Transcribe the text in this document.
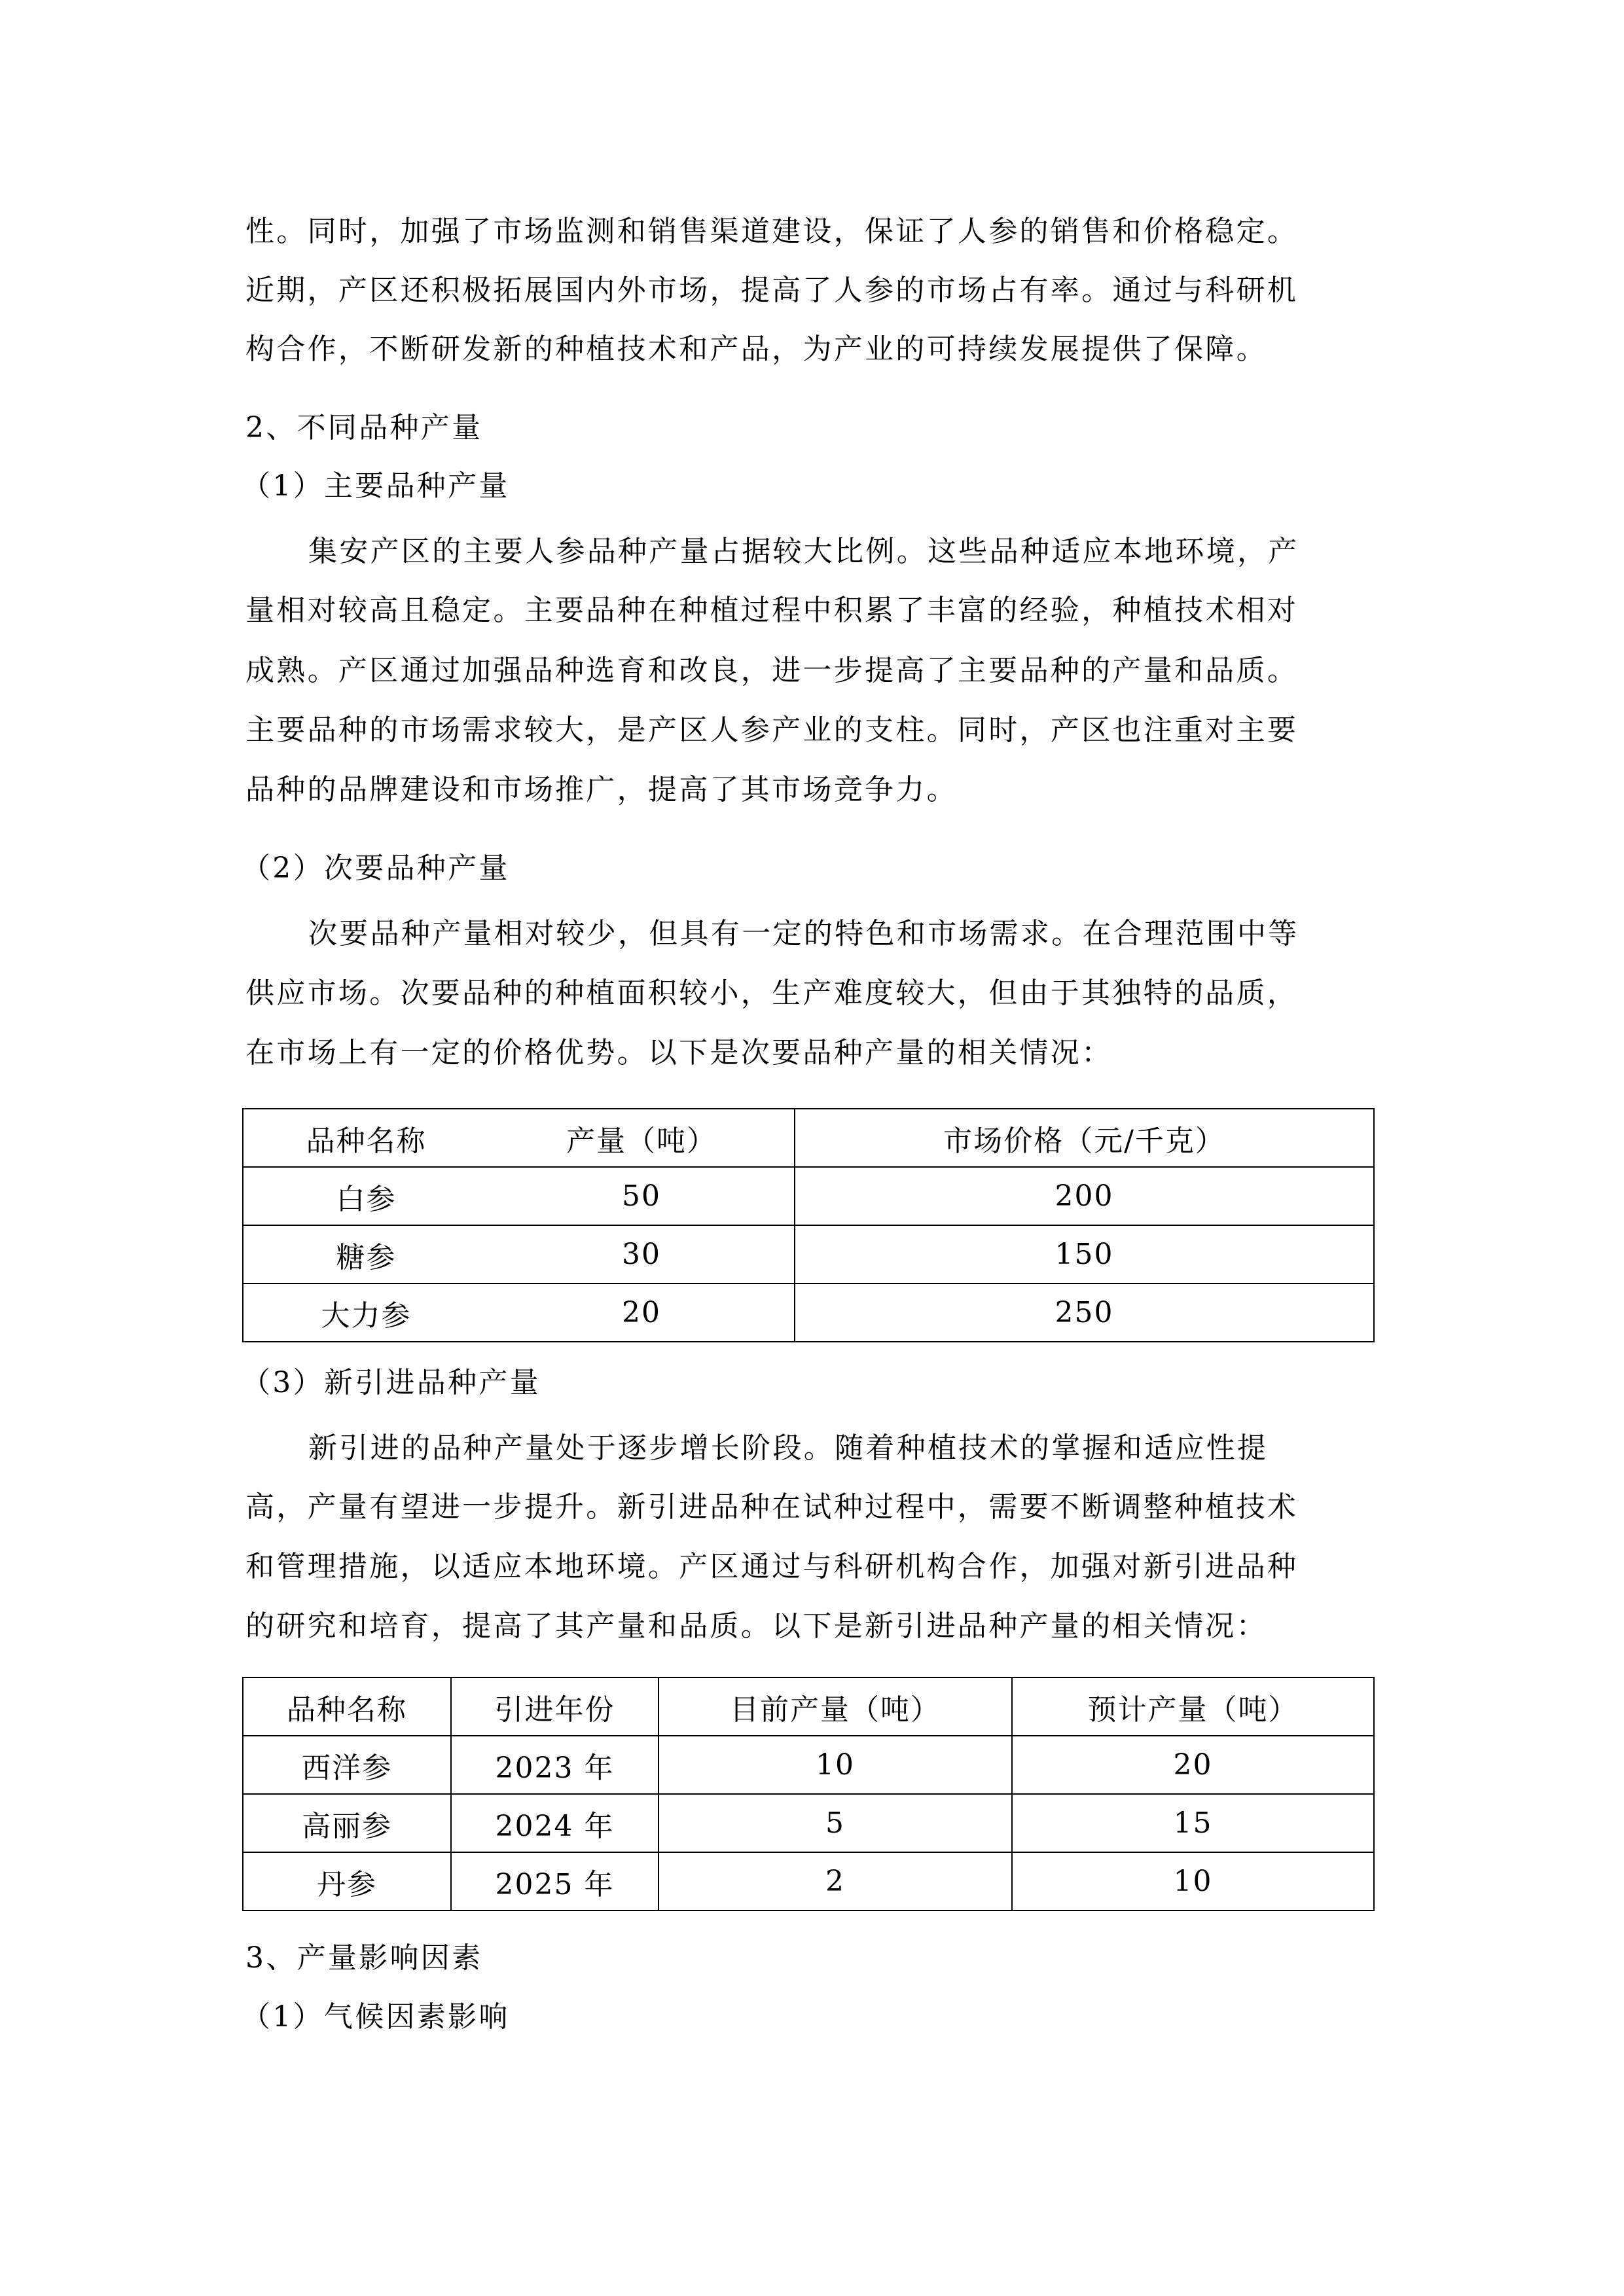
性。同时，加强了市场监测和销售渠道建设，保证了人参的销售和价格稳定。
近期，产区还积极拓展国内外市场，提高了人参的市场占有率。通过与科研机
构合作，不断研发新的种植技术和产品，为产业的可持续发展提供了保障。
2、不同品种产量
（1）主要品种产量
集安产区的主要人参品种产量占据较大比例。这些品种适应本地环境，产
量相对较高且稳定。主要品种在种植过程中积累了丰富的经验，种植技术相对
成熟。产区通过加强品种选育和改良，进一步提高了主要品种的产量和品质。
主要品种的市场需求较大，是产区人参产业的支柱。同时，产区也注重对主要
品种的品牌建设和市场推广，提高了其市场竞争力。
（2）次要品种产量
次要品种产量相对较少，但具有一定的特色和市场需求。在合理范围中等
供应市场。次要品种的种植面积较小，生产难度较大，但由于其独特的品质，
在市场上有一定的价格优势。以下是次要品种产量的相关情况：
品种名称	产量（吨）	市场价格（元/千克）
白参	50	200
糖参	30	150
大力参	20	250
（3）新引进品种产量
新引进的品种产量处于逐步增长阶段。随着种植技术的掌握和适应性提
高，产量有望进一步提升。新引进品种在试种过程中，需要不断调整种植技术
和管理措施，以适应本地环境。产区通过与科研机构合作，加强对新引进品种
的研究和培育，提高了其产量和品质。以下是新引进品种产量的相关情况：
品种名称	引进年份	目前产量（吨）	预计产量（吨）
西洋参	2023 年	10	20
高丽参	2024 年	5	15
丹参	2025 年	2	10
3、产量影响因素
（1）气候因素影响
